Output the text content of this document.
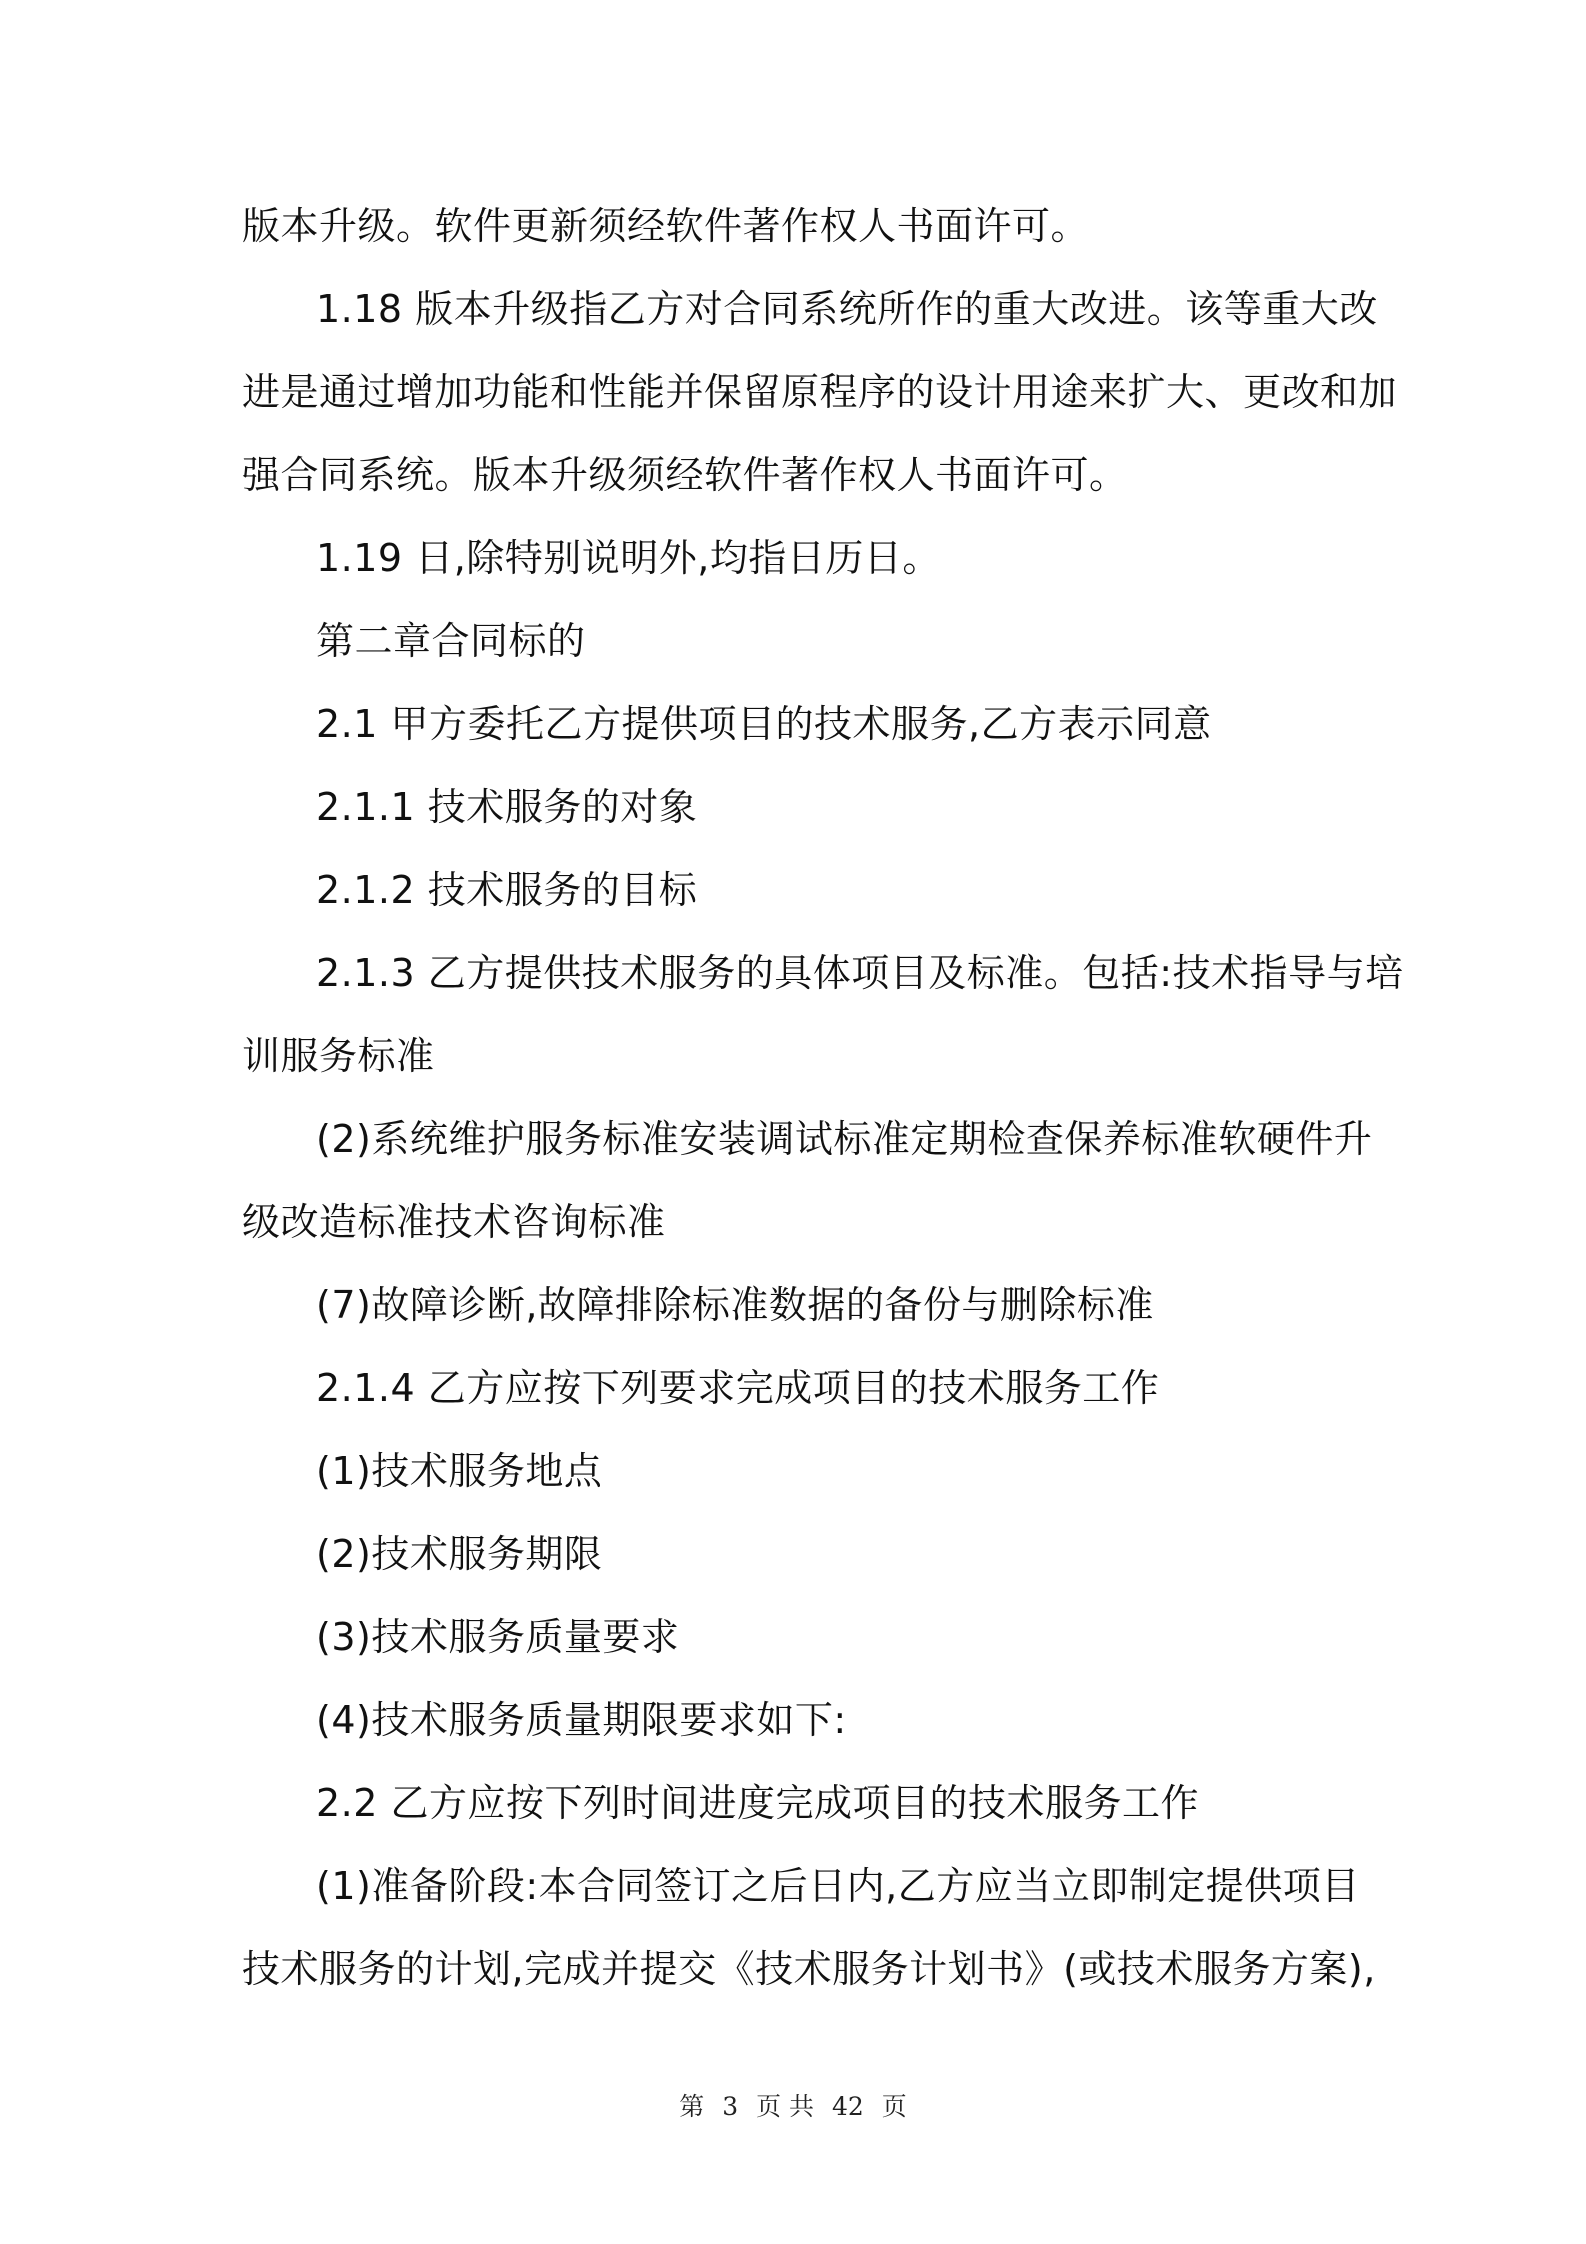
版本升级。软件更新须经软件著作权人书面许可。
1.18 版本升级指乙方对合同系统所作的重大改进。该等重大改
进是通过增加功能和性能并保留原程序的设计用途来扩大、更改和加
强合同系统。版本升级须经软件著作权人书面许可。
1.19 日,除特别说明外,均指日历日。
第二章合同标的
2.1 甲方委托乙方提供项目的技术服务,乙方表示同意
2.1.1 技术服务的对象
2.1.2 技术服务的目标
2.1.3 乙方提供技术服务的具体项目及标准。包括:技术指导与培
训服务标准
(2)系统维护服务标准安装调试标准定期检查保养标准软硬件升
级改造标准技术咨询标准
(7)故障诊断,故障排除标准数据的备份与删除标准
2.1.4 乙方应按下列要求完成项目的技术服务工作
(1)技术服务地点
(2)技术服务期限
(3)技术服务质量要求
(4)技术服务质量期限要求如下:
2.2 乙方应按下列时间进度完成项目的技术服务工作
(1)准备阶段:本合同签订之后日内,乙方应当立即制定提供项目
技术服务的计划,完成并提交《技术服务计划书》(或技术服务方案),
第 3 页 共 42 页
